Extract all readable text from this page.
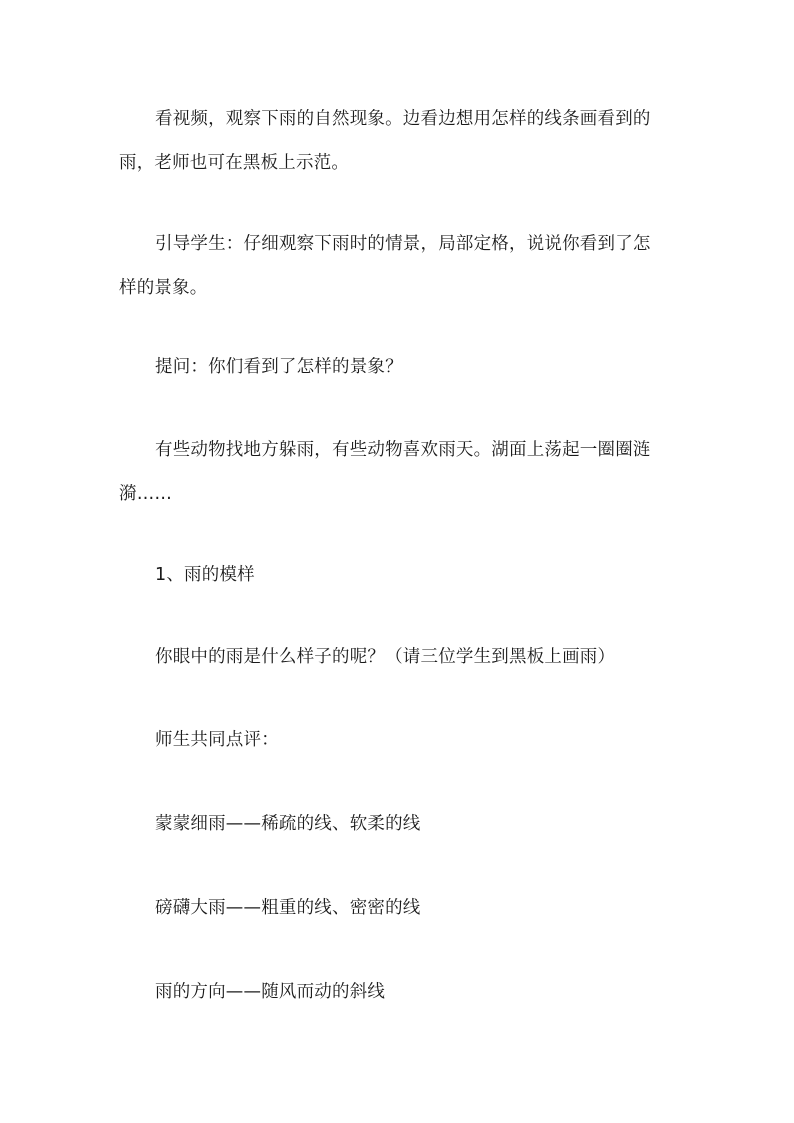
看视频，观察下雨的自然现象。边看边想用怎样的线条画看到的
雨，老师也可在黑板上示范。

引导学生：仔细观察下雨时的情景，局部定格，说说你看到了怎
样的景象。

提问：你们看到了怎样的景象？

有些动物找地方躲雨，有些动物喜欢雨天。湖面上荡起一圈圈涟
漪……

1、雨的模样

你眼中的雨是什么样子的呢？（请三位学生到黑板上画雨）

师生共同点评：

蒙蒙细雨——稀疏的线、软柔的线

磅礴大雨——粗重的线、密密的线

雨的方向——随风而动的斜线
